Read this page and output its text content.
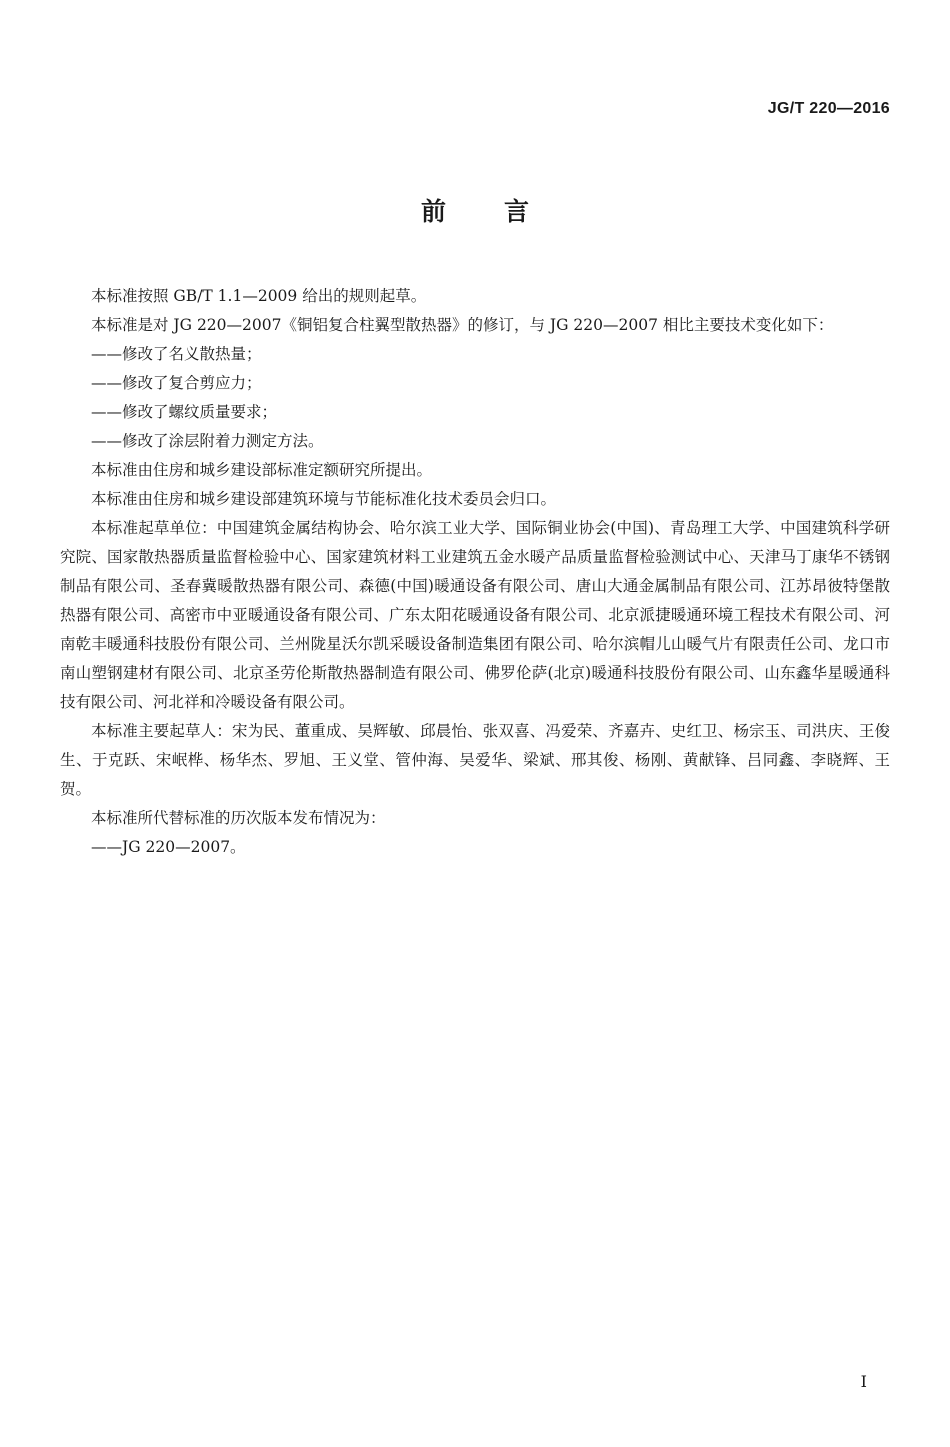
JG/T 220—2016
前言

本标准按照 GB/T 1.1—2009 给出的规则起草。

本标准是对 JG 220—2007《铜铝复合柱翼型散热器》的修订，与 JG 220—2007 相比主要技术变化如下：

——修改了名义散热量；

——修改了复合剪应力；

——修改了螺纹质量要求；

——修改了涂层附着力测定方法。

本标准由住房和城乡建设部标准定额研究所提出。

本标准由住房和城乡建设部建筑环境与节能标准化技术委员会归口。

本标准起草单位：中国建筑金属结构协会、哈尔滨工业大学、国际铜业协会(中国)、青岛理工大学、中国建筑科学研究院、国家散热器质量监督检验中心、国家建筑材料工业建筑五金水暖产品质量监督检验测试中心、天津马丁康华不锈钢制品有限公司、圣春冀暖散热器有限公司、森德(中国)暖通设备有限公司、唐山大通金属制品有限公司、江苏昂彼特堡散热器有限公司、高密市中亚暖通设备有限公司、广东太阳花暖通设备有限公司、北京派捷暖通环境工程技术有限公司、河南乾丰暖通科技股份有限公司、兰州陇星沃尔凯采暖设备制造集团有限公司、哈尔滨帽儿山暖气片有限责任公司、龙口市南山塑钢建材有限公司、北京圣劳伦斯散热器制造有限公司、佛罗伦萨(北京)暖通科技股份有限公司、山东鑫华星暖通科技有限公司、河北祥和冷暖设备有限公司。

本标准主要起草人：宋为民、董重成、吴辉敏、邱晨怡、张双喜、冯爱荣、齐嘉卉、史红卫、杨宗玉、司洪庆、王俊生、于克跃、宋岷桦、杨华杰、罗旭、王义堂、管仲海、吴爱华、梁斌、邢其俊、杨刚、黄献锋、吕同鑫、李晓辉、王贺。

本标准所代替标准的历次版本发布情况为：

——JG 220—2007。

I
